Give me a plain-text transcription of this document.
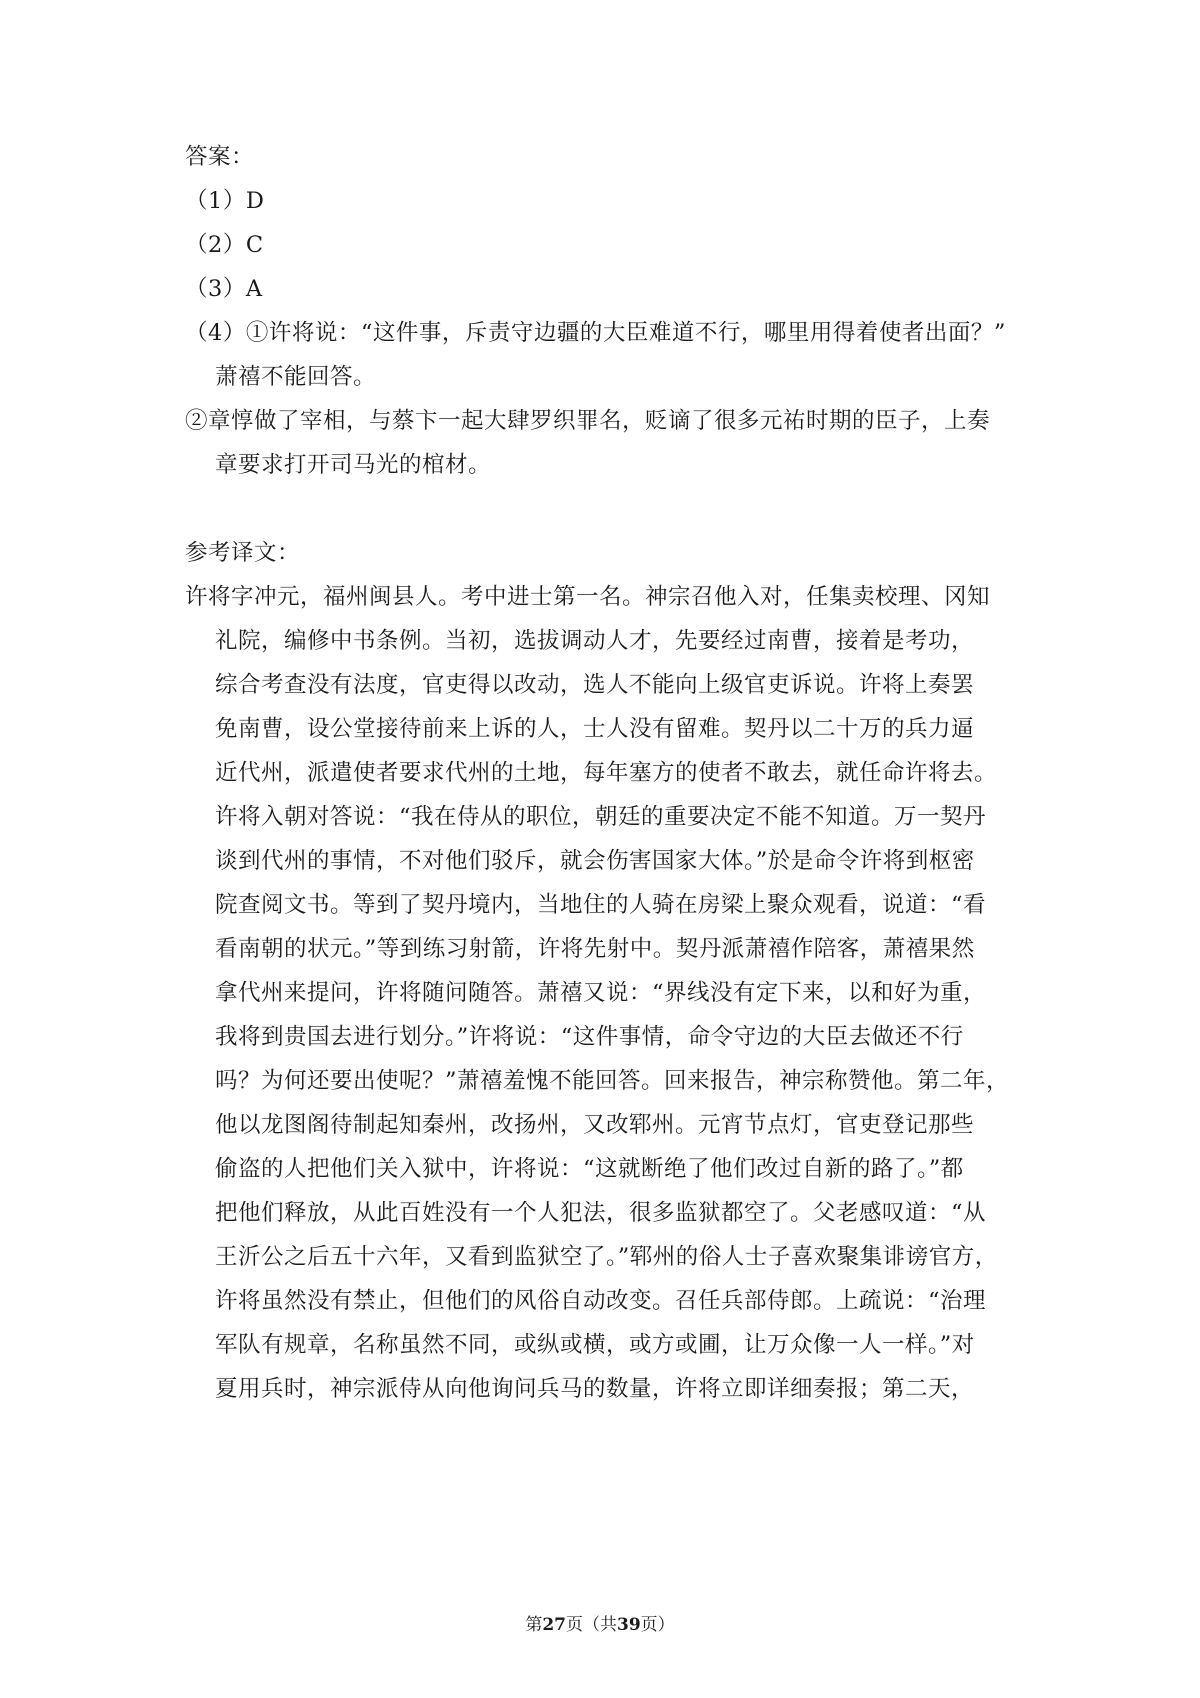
答案：
（1）D
（2）C
（3）A
（4）①许将说：“这件事，斥责守边疆的大臣难道不行，哪里用得着使者出面？”
萧禧不能回答。
②章惇做了宰相，与蔡卞一起大肆罗织罪名，贬谪了很多元祐时期的臣子，上奏
章要求打开司马光的棺材。
参考译文：
许将字冲元，福州闽县人。考中进士第一名。神宗召他入对，任集卖校理、冈知
礼院，编修中书条例。当初，选拔调动人才，先要经过南曹，接着是考功，
综合考查没有法度，官吏得以改动，选人不能向上级官吏诉说。许将上奏罢
免南曹，设公堂接待前来上诉的人，士人没有留难。契丹以二十万的兵力逼
近代州，派遣使者要求代州的土地，每年塞方的使者不敢去，就任命许将去。
许将入朝对答说：“我在侍从的职位，朝廷的重要决定不能不知道。万一契丹
谈到代州的事情，不对他们驳斥，就会伤害国家大体。”於是命令许将到枢密
院查阅文书。等到了契丹境内，当地住的人骑在房梁上聚众观看，说道：“看
看南朝的状元。”等到练习射箭，许将先射中。契丹派萧禧作陪客，萧禧果然
拿代州来提问，许将随问随答。萧禧又说：“界线没有定下来，以和好为重，
我将到贵国去进行划分。”许将说：“这件事情，命令守边的大臣去做还不行
吗？为何还要出使呢？”萧禧羞愧不能回答。回来报告，神宗称赞他。第二年，
他以龙图阁待制起知秦州，改扬州，又改郓州。元宵节点灯，官吏登记那些
偷盗的人把他们关入狱中，许将说：“这就断绝了他们改过自新的路了。”都
把他们释放，从此百姓没有一个人犯法，很多监狱都空了。父老感叹道：“从
王沂公之后五十六年，又看到监狱空了。”郓州的俗人士子喜欢聚集诽谤官方，
许将虽然没有禁止，但他们的风俗自动改变。召任兵部侍郎。上疏说：“治理
军队有规章，名称虽然不同，或纵或横，或方或圃，让万众像一人一样。”对
夏用兵时，神宗派侍从向他询问兵马的数量，许将立即详细奏报；第二天，
第27页（共39页）
